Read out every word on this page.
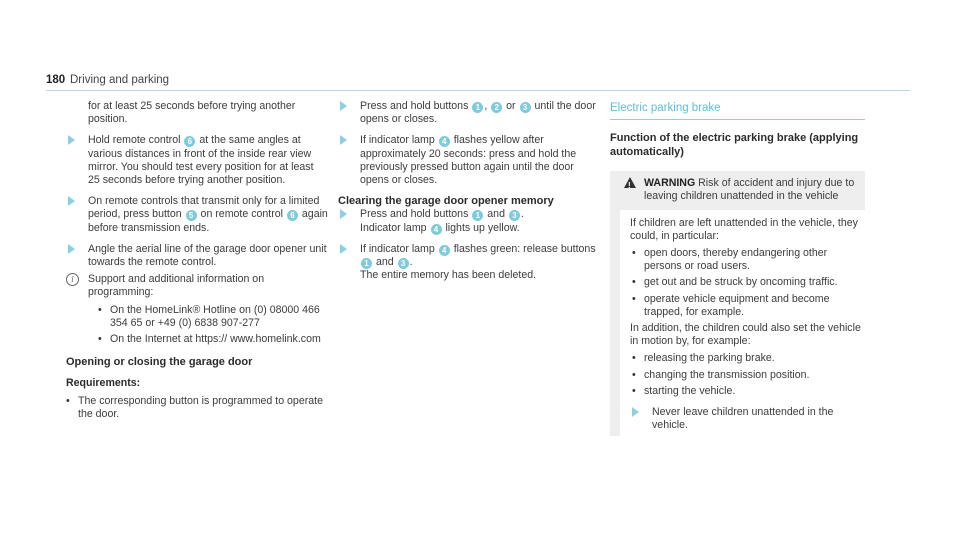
180 Driving and parking

for at least 25 seconds before trying another position.

Hold remote control 6 at the same angles at various distances in front of the inside rear view mirror. You should test every position for at least 25 seconds before trying another position.
On remote controls that transmit only for a limited period, press button 5 on remote control 6 again before transmission ends.
Angle the aerial line of the garage door opener unit towards the remote control.
i	Support and additional information on programming:
• On the HomeLink® Hotline on (0) 08000 466 354 65 or +49 (0) 6838 907-277
• On the Internet at https:// www.homelink.com
Opening or closing the garage door
Requirements:
• The corresponding button is programmed to operate the door.
Press and hold buttons 1 , 2 or 3 until the door opens or closes.
If indicator lamp 4 flashes yellow after approximately 20 seconds: press and hold the previously pressed button again until the door opens or closes.
Clearing the garage door opener memory
Press and hold buttons 1 and 3 .
Indicator lamp 4 lights up yellow.
If indicator lamp 4 flashes green: release buttons 1 and 3 .
The entire memory has been deleted.
Electric parking brake
Function of the electric parking brake (applying automatically)
!
WARNING Risk of accident and injury due to leaving children unattended in the vehicle

If children are left unattended in the vehicle, they could, in particular:

• open doors, thereby endangering other persons or road users.
• get out and be struck by oncoming traffic.
• operate vehicle equipment and become trapped, for example.

In addition, the children could also set the vehicle in motion by, for example:

• releasing the parking brake.
• changing the transmission position.
• starting the vehicle.
Never leave children unattended in the vehicle.
